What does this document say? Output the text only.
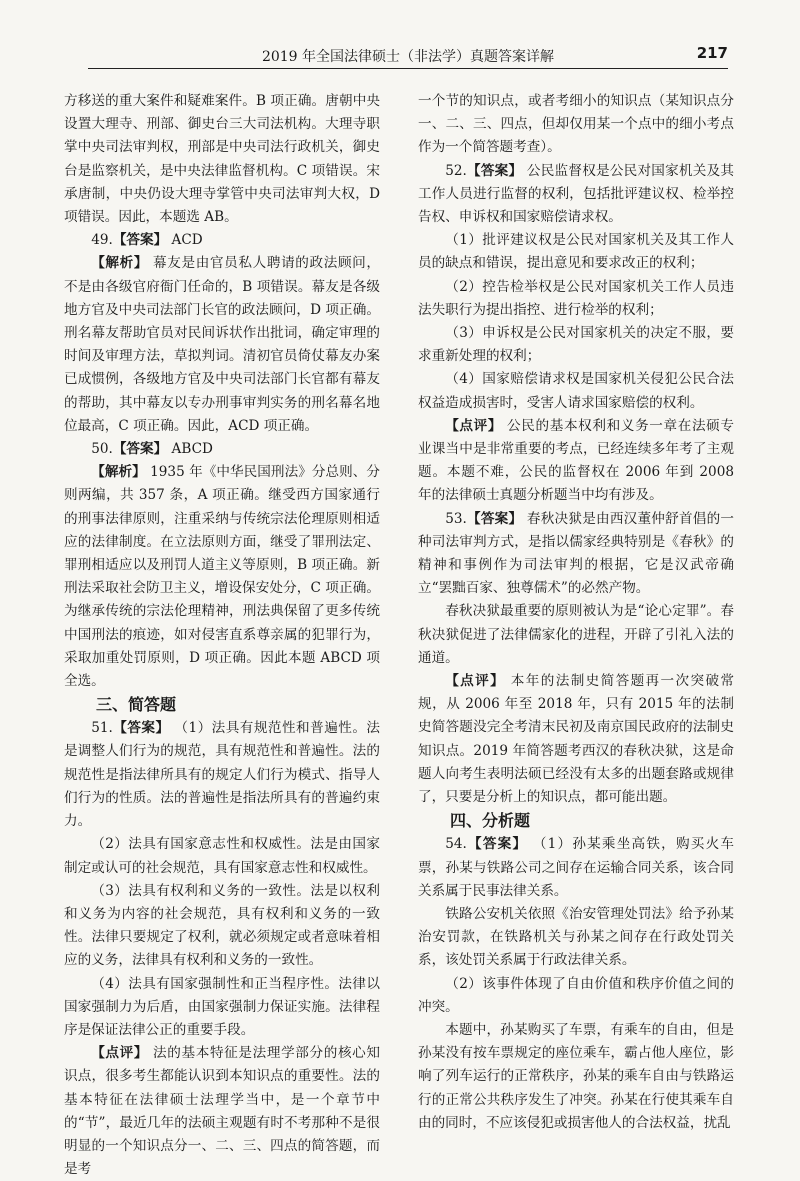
2019 年全国法律硕士（非法学）真题答案详解	217

方移送的重大案件和疑难案件。B 项正确。唐朝中央设置大理寺、刑部、御史台三大司法机构。大理寺职掌中央司法审判权，刑部是中央司法行政机关，御史台是监察机关，是中央法律监督机构。C 项错误。宋承唐制，中央仍设大理寺掌管中央司法审判大权，D 项错误。因此，本题选 AB。

49.【答案】 ACD

【解析】 幕友是由官员私人聘请的政法顾问，不是由各级官府衙门任命的，B 项错误。幕友是各级地方官及中央司法部门长官的政法顾问，D 项正确。刑名幕友帮助官员对民间诉状作出批词，确定审理的时间及审理方法，草拟判词。清初官员倚仗幕友办案已成惯例，各级地方官及中央司法部门长官都有幕友的帮助，其中幕友以专办刑事审判实务的刑名幕名地位最高，C 项正确。因此，ACD 项正确。

50.【答案】 ABCD

【解析】 1935 年《中华民国刑法》分总则、分则两编，共 357 条，A 项正确。继受西方国家通行的刑事法律原则，注重采纳与传统宗法伦理原则相适应的法律制度。在立法原则方面，继受了罪刑法定、罪刑相适应以及刑罚人道主义等原则，B 项正确。新刑法采取社会防卫主义，增设保安处分，C 项正确。为继承传统的宗法伦理精神，刑法典保留了更多传统中国刑法的痕迹，如对侵害直系尊亲属的犯罪行为，采取加重处罚原则，D 项正确。因此本题 ABCD 项全选。

三、简答题

51.【答案】 （1）法具有规范性和普遍性。法是调整人们行为的规范，具有规范性和普遍性。法的规范性是指法律所具有的规定人们行为模式、指导人们行为的性质。法的普遍性是指法所具有的普遍约束力。

（2）法具有国家意志性和权威性。法是由国家制定或认可的社会规范，具有国家意志性和权威性。

（3）法具有权利和义务的一致性。法是以权利和义务为内容的社会规范，具有权利和义务的一致性。法律只要规定了权利，就必须规定或者意味着相应的义务，法律具有权利和义务的一致性。

（4）法具有国家强制性和正当程序性。法律以国家强制力为后盾，由国家强制力保证实施。法律程序是保证法律公正的重要手段。

【点评】 法的基本特征是法理学部分的核心知识点，很多考生都能认识到本知识点的重要性。法的基本特征在法律硕士法理学当中，是一个章节中的“节”，最近几年的法硕主观题有时不考那种不是很明显的一个知识点分一、二、三、四点的简答题，而是考

一个节的知识点，或者考细小的知识点（某知识点分一、二、三、四点，但却仅用某一个点中的细小考点作为一个简答题考查）。

52.【答案】 公民监督权是公民对国家机关及其工作人员进行监督的权利，包括批评建议权、检举控告权、申诉权和国家赔偿请求权。

（1）批评建议权是公民对国家机关及其工作人员的缺点和错误，提出意见和要求改正的权利；

（2）控告检举权是公民对国家机关工作人员违法失职行为提出指控、进行检举的权利；

（3）申诉权是公民对国家机关的决定不服，要求重新处理的权利；

（4）国家赔偿请求权是国家机关侵犯公民合法权益造成损害时，受害人请求国家赔偿的权利。

【点评】 公民的基本权利和义务一章在法硕专业课当中是非常重要的考点，已经连续多年考了主观题。本题不难，公民的监督权在 2006 年到 2008 年的法律硕士真题分析题当中均有涉及。

53.【答案】 春秋决狱是由西汉董仲舒首倡的一种司法审判方式，是指以儒家经典特别是《春秋》的精神和事例作为司法审判的根据，它是汉武帝确立“罢黜百家、独尊儒术”的必然产物。

春秋决狱最重要的原则被认为是“论心定罪”。春秋决狱促进了法律儒家化的进程，开辟了引礼入法的通道。

【点评】 本年的法制史简答题再一次突破常规，从 2006 年至 2018 年，只有 2015 年的法制史简答题没完全考清末民初及南京国民政府的法制史知识点。2019 年简答题考西汉的春秋决狱，这是命题人向考生表明法硕已经没有太多的出题套路或规律了，只要是分析上的知识点，都可能出题。

四、分析题

54.【答案】 （1）孙某乘坐高铁，购买火车票，孙某与铁路公司之间存在运输合同关系，该合同关系属于民事法律关系。

铁路公安机关依照《治安管理处罚法》给予孙某治安罚款，在铁路机关与孙某之间存在行政处罚关系，该处罚关系属于行政法律关系。

（2）该事件体现了自由价值和秩序价值之间的冲突。

本题中，孙某购买了车票，有乘车的自由，但是孙某没有按车票规定的座位乘车，霸占他人座位，影响了列车运行的正常秩序，孙某的乘车自由与铁路运行的正常公共秩序发生了冲突。孙某在行使其乘车自由的同时，不应该侵犯或损害他人的合法权益，扰乱
